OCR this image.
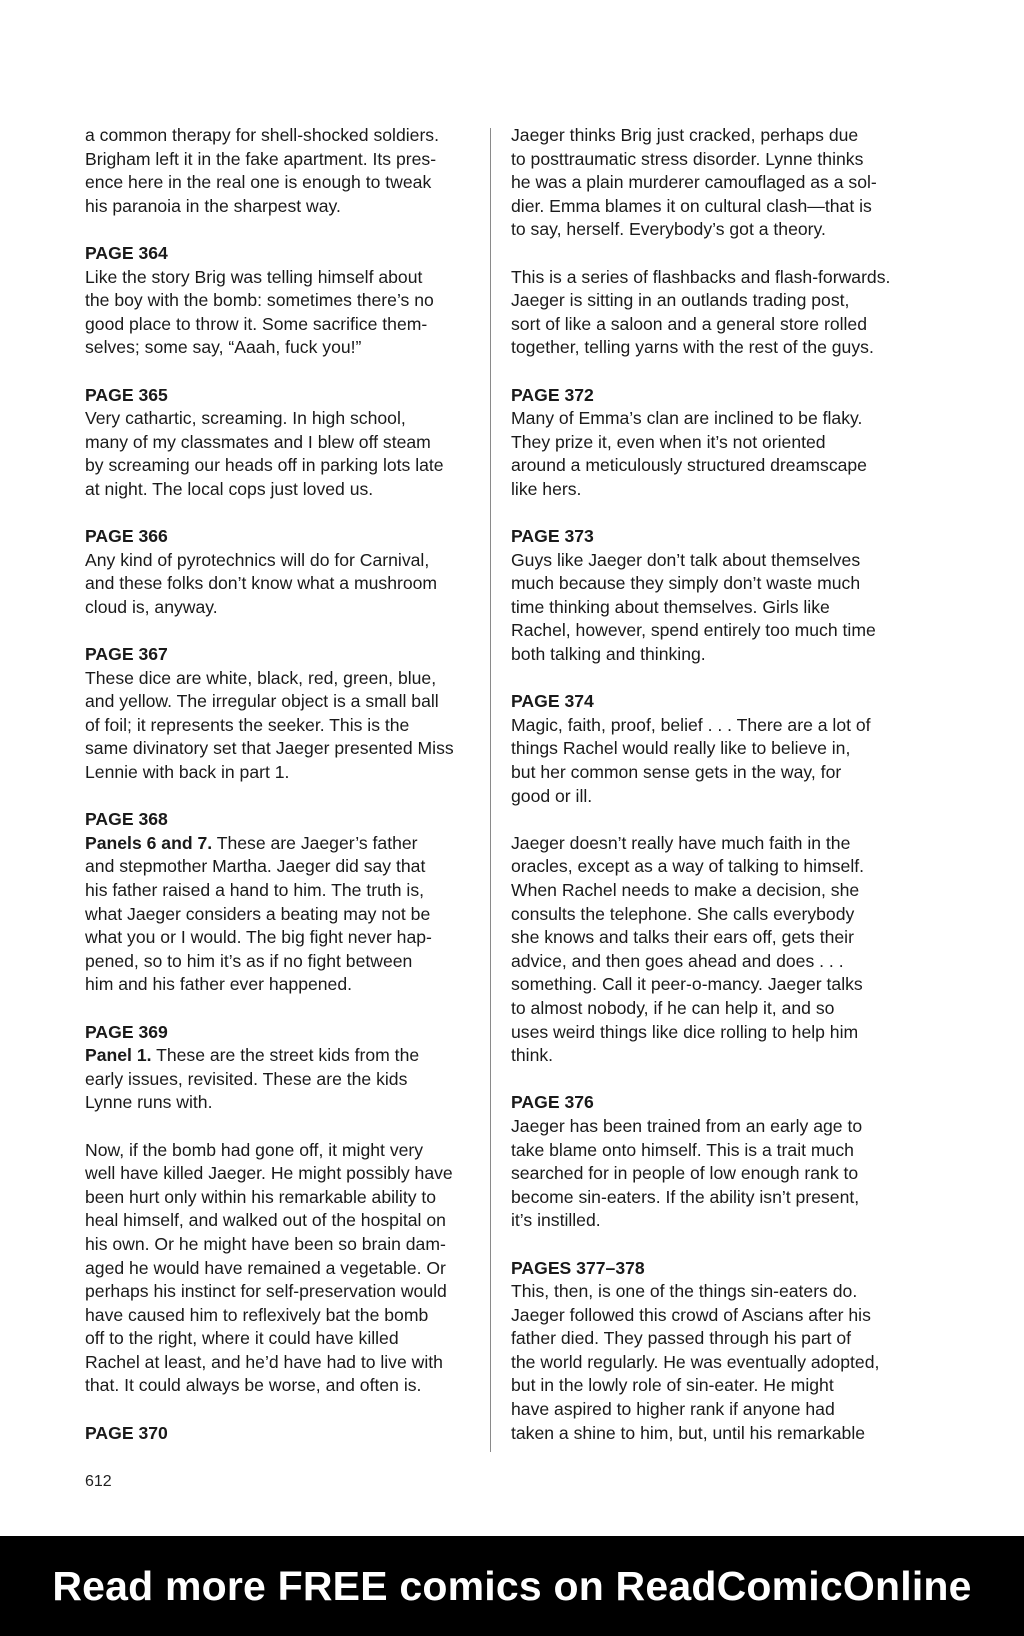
a common therapy for shell-shocked soldiers.
Brigham left it in the fake apartment. Its pres-
ence here in the real one is enough to tweak
his paranoia in the sharpest way.
PAGE 364
Like the story Brig was telling himself about
the boy with the bomb: sometimes there’s no
good place to throw it. Some sacrifice them-
selves; some say, “Aaah, fuck you!”
PAGE 365
Very cathartic, screaming. In high school,
many of my classmates and I blew off steam
by screaming our heads off in parking lots late
at night. The local cops just loved us.
PAGE 366
Any kind of pyrotechnics will do for Carnival,
and these folks don’t know what a mushroom
cloud is, anyway.
PAGE 367
These dice are white, black, red, green, blue,
and yellow. The irregular object is a small ball
of foil; it represents the seeker. This is the
same divinatory set that Jaeger presented Miss
Lennie with back in part 1.
PAGE 368
Panels 6 and 7. These are Jaeger’s father
and stepmother Martha. Jaeger did say that
his father raised a hand to him. The truth is,
what Jaeger considers a beating may not be
what you or I would. The big fight never hap-
pened, so to him it’s as if no fight between
him and his father ever happened.
PAGE 369
Panel 1. These are the street kids from the
early issues, revisited. These are the kids
Lynne runs with.
Now, if the bomb had gone off, it might very
well have killed Jaeger. He might possibly have
been hurt only within his remarkable ability to
heal himself, and walked out of the hospital on
his own. Or he might have been so brain dam-
aged he would have remained a vegetable. Or
perhaps his instinct for self-preservation would
have caused him to reflexively bat the bomb
off to the right, where it could have killed
Rachel at least, and he’d have had to live with
that. It could always be worse, and often is.
PAGE 370
Jaeger thinks Brig just cracked, perhaps due
to posttraumatic stress disorder. Lynne thinks
he was a plain murderer camouflaged as a sol-
dier. Emma blames it on cultural clash—that is
to say, herself. Everybody’s got a theory.
This is a series of flashbacks and flash-forwards.
Jaeger is sitting in an outlands trading post,
sort of like a saloon and a general store rolled
together, telling yarns with the rest of the guys.
PAGE 372
Many of Emma’s clan are inclined to be flaky.
They prize it, even when it’s not oriented
around a meticulously structured dreamscape
like hers.
PAGE 373
Guys like Jaeger don’t talk about themselves
much because they simply don’t waste much
time thinking about themselves. Girls like
Rachel, however, spend entirely too much time
both talking and thinking.
PAGE 374
Magic, faith, proof, belief . . . There are a lot of
things Rachel would really like to believe in,
but her common sense gets in the way, for
good or ill.
Jaeger doesn’t really have much faith in the
oracles, except as a way of talking to himself.
When Rachel needs to make a decision, she
consults the telephone. She calls everybody
she knows and talks their ears off, gets their
advice, and then goes ahead and does . . .
something. Call it peer-o-mancy. Jaeger talks
to almost nobody, if he can help it, and so
uses weird things like dice rolling to help him
think.
PAGE 376
Jaeger has been trained from an early age to
take blame onto himself. This is a trait much
searched for in people of low enough rank to
become sin-eaters. If the ability isn’t present,
it’s instilled.
PAGES 377–378
This, then, is one of the things sin-eaters do.
Jaeger followed this crowd of Ascians after his
father died. They passed through his part of
the world regularly. He was eventually adopted,
but in the lowly role of sin-eater. He might
have aspired to higher rank if anyone had
taken a shine to him, but, until his remarkable
612
Read more FREE comics on ReadComicOnline
